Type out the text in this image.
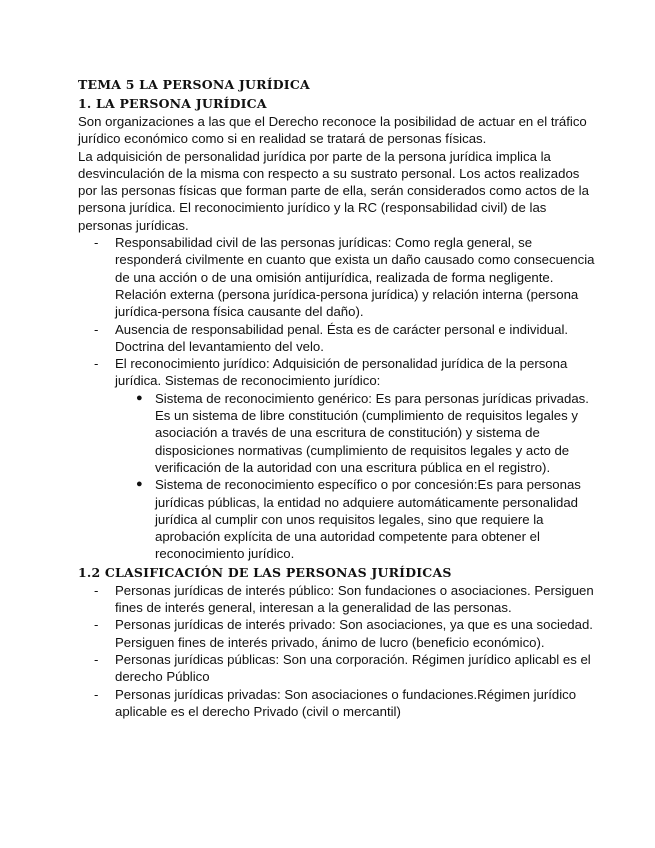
TEMA 5 LA PERSONA JURÍDICA
1. LA PERSONA JURÍDICA

Son organizaciones a las que el Derecho reconoce la posibilidad de actuar en el tráfico jurídico económico como si en realidad se tratará de personas físicas.

La adquisición de personalidad jurídica por parte de la persona jurídica implica la desvinculación de la misma con respecto a su sustrato personal. Los actos realizados por las personas físicas que forman parte de ella, serán considerados como actos de la persona jurídica. El reconocimiento jurídico y la RC (responsabilidad civil) de las personas jurídicas.

- Responsabilidad civil de las personas jurídicas: Como regla general, se responderá civilmente en cuanto que exista un daño causado como consecuencia de una acción o de una omisión antijurídica, realizada de forma negligente. Relación externa (persona jurídica-persona jurídica) y relación interna (persona jurídica-persona física causante del daño).
- Ausencia de responsabilidad penal. Ésta es de carácter personal e individual. Doctrina del levantamiento del velo.
- El reconocimiento jurídico: Adquisición de personalidad jurídica de la persona jurídica. Sistemas de reconocimiento jurídico:
● Sistema de reconocimiento genérico: Es para personas jurídicas privadas. Es un sistema de libre constitución (cumplimiento de requisitos legales y asociación a través de una escritura de constitución) y sistema de disposiciones normativas (cumplimiento de requisitos legales y acto de verificación de la autoridad con una escritura pública en el registro).
● Sistema de reconocimiento específico o por concesión:Es para personas jurídicas públicas, la entidad no adquiere automáticamente personalidad jurídica al cumplir con unos requisitos legales, sino que requiere la aprobación explícita de una autoridad competente para obtener el reconocimiento jurídico.
1.2 CLASIFICACIÓN DE LAS PERSONAS JURÍDICAS
- Personas jurídicas de interés público: Son fundaciones o asociaciones. Persiguen fines de interés general, interesan a la generalidad de las personas.
- Personas jurídicas de interés privado: Son asociaciones, ya que es una sociedad. Persiguen fines de interés privado, ánimo de lucro (beneficio económico).
- Personas jurídicas públicas: Son una corporación. Régimen jurídico aplicabl es el derecho Público
- Personas jurídicas privadas: Son asociaciones o fundaciones.Régimen jurídico aplicable es el derecho Privado (civil o mercantil)
